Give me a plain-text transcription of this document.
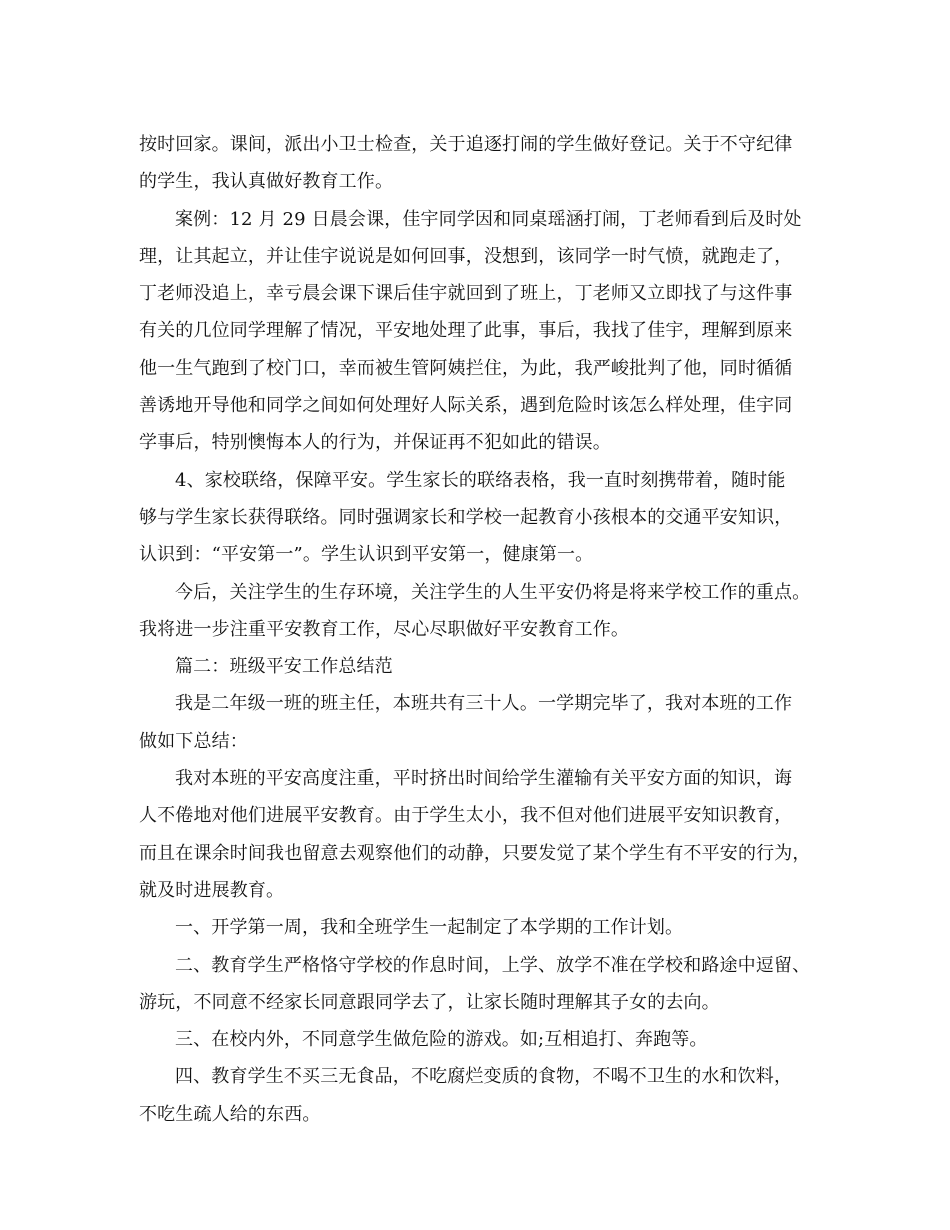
按时回家。课间，派出小卫士检查，关于追逐打闹的学生做好登记。关于不守纪律
的学生，我认真做好教育工作。

案例：12 月 29 日晨会课，佳宇同学因和同桌瑶涵打闹，丁老师看到后及时处
理，让其起立，并让佳宇说说是如何回事，没想到，该同学一时气愤，就跑走了，
丁老师没追上，幸亏晨会课下课后佳宇就回到了班上，丁老师又立即找了与这件事
有关的几位同学理解了情况，平安地处理了此事，事后，我找了佳宇，理解到原来
他一生气跑到了校门口，幸而被生管阿姨拦住，为此，我严峻批判了他，同时循循
善诱地开导他和同学之间如何处理好人际关系，遇到危险时该怎么样处理，佳宇同
学事后，特别懊悔本人的行为，并保证再不犯如此的错误。

4、家校联络，保障平安。学生家长的联络表格，我一直时刻携带着，随时能
够与学生家长获得联络。同时强调家长和学校一起教育小孩根本的交通平安知识，
认识到：“平安第一”。学生认识到平安第一，健康第一。

今后，关注学生的生存环境，关注学生的人生平安仍将是将来学校工作的重点。
我将进一步注重平安教育工作，尽心尽职做好平安教育工作。

篇二：班级平安工作总结范

我是二年级一班的班主任，本班共有三十人。一学期完毕了，我对本班的工作
做如下总结：

我对本班的平安高度注重，平时挤出时间给学生灌输有关平安方面的知识，诲
人不倦地对他们进展平安教育。由于学生太小，我不但对他们进展平安知识教育，
而且在课余时间我也留意去观察他们的动静，只要发觉了某个学生有不平安的行为，
就及时进展教育。

一、开学第一周，我和全班学生一起制定了本学期的工作计划。

二、教育学生严格恪守学校的作息时间，上学、放学不准在学校和路途中逗留、
游玩，不同意不经家长同意跟同学去了，让家长随时理解其子女的去向。

三、在校内外，不同意学生做危险的游戏。如;互相追打、奔跑等。

四、教育学生不买三无食品，不吃腐烂变质的食物，不喝不卫生的水和饮料，
不吃生疏人给的东西。
